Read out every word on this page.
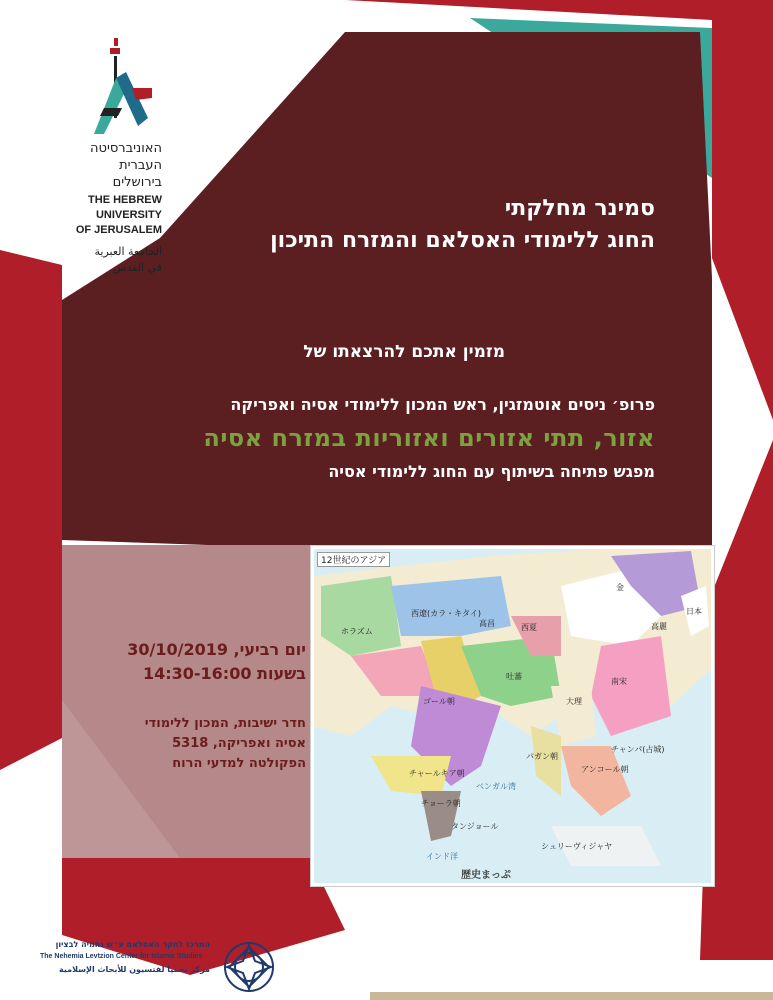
האוניברסיטה
העברית
בירושלים
THE HEBREW
UNIVERSITY
OF JERUSALEM
الجامعة العبرية
في القدس
סמינר מחלקתי
החוג ללימודי האסלאם והמזרח התיכון
מזמין אתכם להרצאתו של
פרופ׳ ניסים אוטמזגין, ראש המכון ללימודי אסיה ואפריקה
אזור, תתי אזורים ואזוריות במזרח אסיה
מפגש פתיחה בשיתוף עם החוג ללימודי אסיה
יום רביעי, 30/10/2019
בשעות 14:30-16:00
חדר ישיבות, המכון ללימודי
אסיה ואפריקה, 5318
הפקולטה למדעי הרוח
12世紀のアジア
西遼(カラ・キタイ)
高昌	西夏
金
南宋
大理
吐蕃
ゴール朝
ホラズム
パガン朝
アンコール朝
チョーラ朝
シュリーヴィジャヤ
ベンガル湾
インド洋
日本
高麗
チャンパ(占城)
タンジョール
チャールキア朝
歴史まっぷ
המרכז לחקר האסלאם ע״ש נחמיה לבציון
The Nehemia Levtzion Center for Islamic Studies
مركز نحميا لفتسيون للأبحاث الإسلامية
